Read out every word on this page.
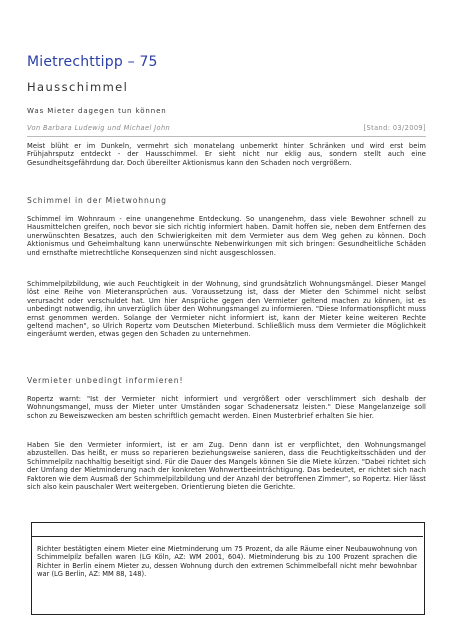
Mietrechttipp – 75
Hausschimmel
Was Mieter dagegen tun können
Von Barbara Ludewig und Michael John	[Stand: 03/2009]

Meist blüht er im Dunkeln, vermehrt sich monatelang unbemerkt hinter Schränken und wird erst beim Frühjahrsputz entdeckt - der Hausschimmel. Er sieht nicht nur eklig aus, sondern stellt auch eine Gesundheitsgefährdung dar. Doch übereilter Aktionismus kann den Schaden noch vergrößern.

Schimmel in der Mietwohnung

Schimmel im Wohnraum - eine unangenehme Entdeckung. So unangenehm, dass viele Bewohner schnell zu Hausmittelchen greifen, noch bevor sie sich richtig informiert haben. Damit hoffen sie, neben dem Entfernen des unerwünschten Besatzes, auch den Schwierigkeiten mit dem Vermieter aus dem Weg gehen zu können. Doch Aktionismus und Geheimhaltung kann unerwünschte Nebenwirkungen mit sich bringen: Gesundheitliche Schäden und ernsthafte mietrechtliche Konsequenzen sind nicht ausgeschlossen.

Schimmelpilzbildung, wie auch Feuchtigkeit in der Wohnung, sind grundsätzlich Wohnungsmängel. Dieser Mangel löst eine Reihe von Mieteransprüchen aus. Voraussetzung ist, dass der Mieter den Schimmel nicht selbst verursacht oder verschuldet hat. Um hier Ansprüche gegen den Vermieter geltend machen zu können, ist es unbedingt notwendig, ihn unverzüglich über den Wohnungsmangel zu informieren. "Diese Informationspflicht muss ernst genommen werden. Solange der Vermieter nicht informiert ist, kann der Mieter keine weiteren Rechte geltend machen", so Ulrich Ropertz vom Deutschen Mieterbund. Schließlich muss dem Vermieter die Möglichkeit eingeräumt werden, etwas gegen den Schaden zu unternehmen.

Vermieter unbedingt informieren!

Ropertz warnt: "Ist der Vermieter nicht informiert und vergrößert oder verschlimmert sich deshalb der Wohnungsmangel, muss der Mieter unter Umständen sogar Schadenersatz leisten." Diese Mangelanzeige soll schon zu Beweiszwecken am besten schriftlich gemacht werden. Einen Musterbrief erhalten Sie hier.

Haben Sie den Vermieter informiert, ist er am Zug. Denn dann ist er verpflichtet, den Wohnungsmangel abzustellen. Das heißt, er muss so reparieren beziehungsweise sanieren, dass die Feuchtigkeitsschäden und der Schimmelpilz nachhaltig beseitigt sind. Für die Dauer des Mangels können Sie die Miete kürzen. "Dabei richtet sich der Umfang der Mietminderung nach der konkreten Wohnwertbeeinträchtigung. Das bedeutet, er richtet sich nach Faktoren wie dem Ausmaß der Schimmelpilzbildung und der Anzahl der betroffenen Zimmer", so Ropertz. Hier lässt sich also kein pauschaler Wert weitergeben. Orientierung bieten die Gerichte.

Richter bestätigten einem Mieter eine Mietminderung um 75 Prozent, da alle Räume einer Neubauwohnung von Schimmelpilz befallen waren (LG Köln, AZ: WM 2001, 604). Mietminderung bis zu 100 Prozent sprachen die Richter in Berlin einem Mieter zu, dessen Wohnung durch den extremen Schimmelbefall nicht mehr bewohnbar war (LG Berlin, AZ: MM 88, 148).
